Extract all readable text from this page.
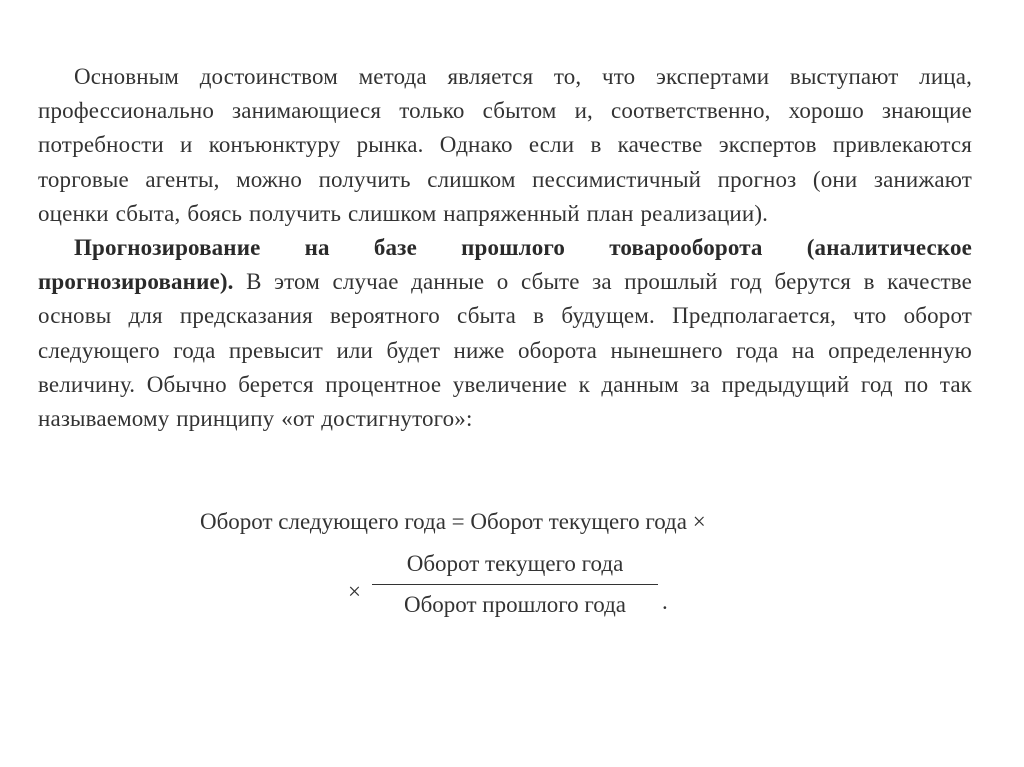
Основным достоинством метода является то, что экспертами выступают лица, профессионально занимающиеся только сбытом и, соответственно, хорошо знающие потребности и конъюнктуру рынка. Однако если в качестве экспертов привлекаются торговые агенты, можно получить слишком пессимистичный прогноз (они занижают оценки сбыта, боясь получить слишком напряженный план реализации).

Прогнозирование на базе прошлого товарооборота (аналитическое прогнозирование). В этом случае данные о сбыте за прошлый год берутся в качестве основы для предсказания вероятного сбыта в будущем. Предполагается, что оборот следующего года превысит или будет ниже оборота нынешнего года на определенную величину. Обычно берется процентное увеличение к данным за предыдущий год по так называемому принципу «от достигнутого»:

Оборот следующего года = Оборот текущего года ×
×
Оборот текущего года
Оборот прошлого года	.
